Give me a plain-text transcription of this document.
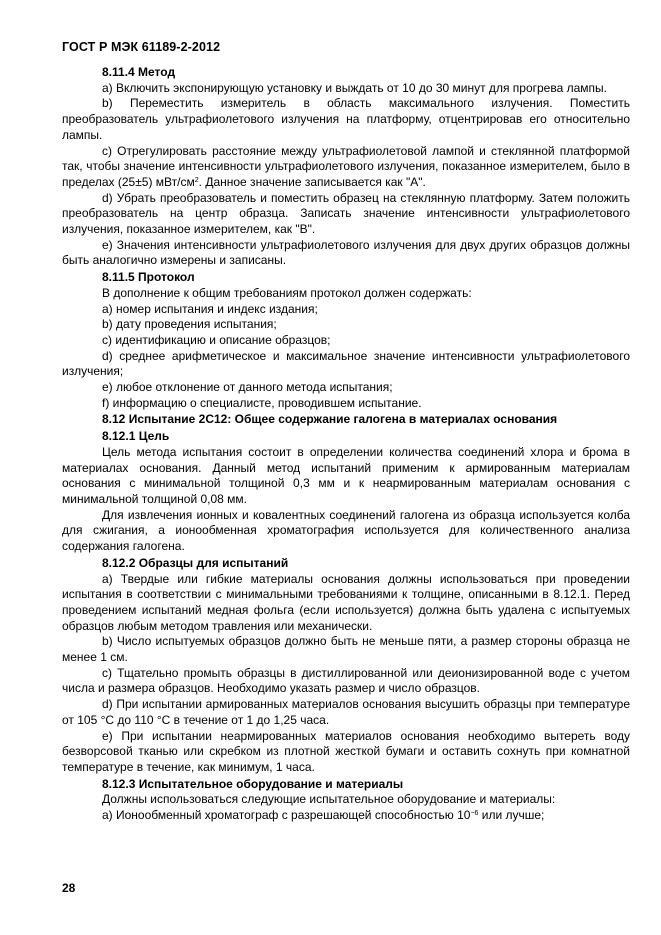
ГОСТ Р МЭК 61189-2-2012

8.11.4 Метод

a) Включить экспонирующую установку и выждать от 10 до 30 минут для прогрева лампы.

b) Переместить измеритель в область максимального излучения. Поместить преобразователь ультрафиолетового излучения на платформу, отцентрировав его относительно лампы.

c) Отрегулировать расстояние между ультрафиолетовой лампой и стеклянной платформой так, чтобы значение интенсивности ультрафиолетового излучения, показанное измерителем, было в пределах (25±5) мВт/$см^2$. Данное значение записывается как "A".

d) Убрать преобразователь и поместить образец на стеклянную платформу. Затем положить преобразователь на центр образца. Записать значение интенсивности ультрафиолетового излучения, показанное измерителем, как "B".

e) Значения интенсивности ультрафиолетового излучения для двух других образцов должны быть аналогично измерены и записаны.

8.11.5 Протокол

В дополнение к общим требованиям протокол должен содержать:

a) номер испытания и индекс издания;

b) дату проведения испытания;

c) идентификацию и описание образцов;

d) среднее арифметическое и максимальное значение интенсивности ультрафиолетового излучения;

e) любое отклонение от данного метода испытания;

f) информацию о специалисте, проводившем испытание.

8.12 Испытание 2С12: Общее содержание галогена в материалах основания

8.12.1 Цель

Цель метода испытания состоит в определении количества соединений хлора и брома в материалах основания. Данный метод испытаний применим к армированным материалам основания с минимальной толщиной 0,3 мм и к неармированным материалам основания с минимальной толщиной 0,08 мм.

Для извлечения ионных и ковалентных соединений галогена из образца используется колба для сжигания, а ионообменная хроматография используется для количественного анализа содержания галогена.

8.12.2 Образцы для испытаний

a) Твердые или гибкие материалы основания должны использоваться при проведении испытания в соответствии с минимальными требованиями к толщине, описанными в 8.12.1. Перед проведением испытаний медная фольга (если используется) должна быть удалена с испытуемых образцов любым методом травления или механически.

b) Число испытуемых образцов должно быть не меньше пяти, а размер стороны образца не менее 1 см.

c) Тщательно промыть образцы в дистиллированной или деионизированной воде с учетом числа и размера образцов. Необходимо указать размер и число образцов.

d) При испытании армированных материалов основания высушить образцы при температуре от 105 °С до 110 °С в течение от 1 до 1,25 часа.

e) При испытании неармированных материалов основания необходимо вытереть воду безворсовой тканью или скребком из плотной жесткой бумаги и оставить сохнуть при комнатной температуре в течение, как минимум, 1 часа.

8.12.3 Испытательное оборудование и материалы

Должны использоваться следующие испытательное оборудование и материалы:

a) Ионообменный хроматограф с разрешающей способностью $10^{-6}$ или лучше;

28
